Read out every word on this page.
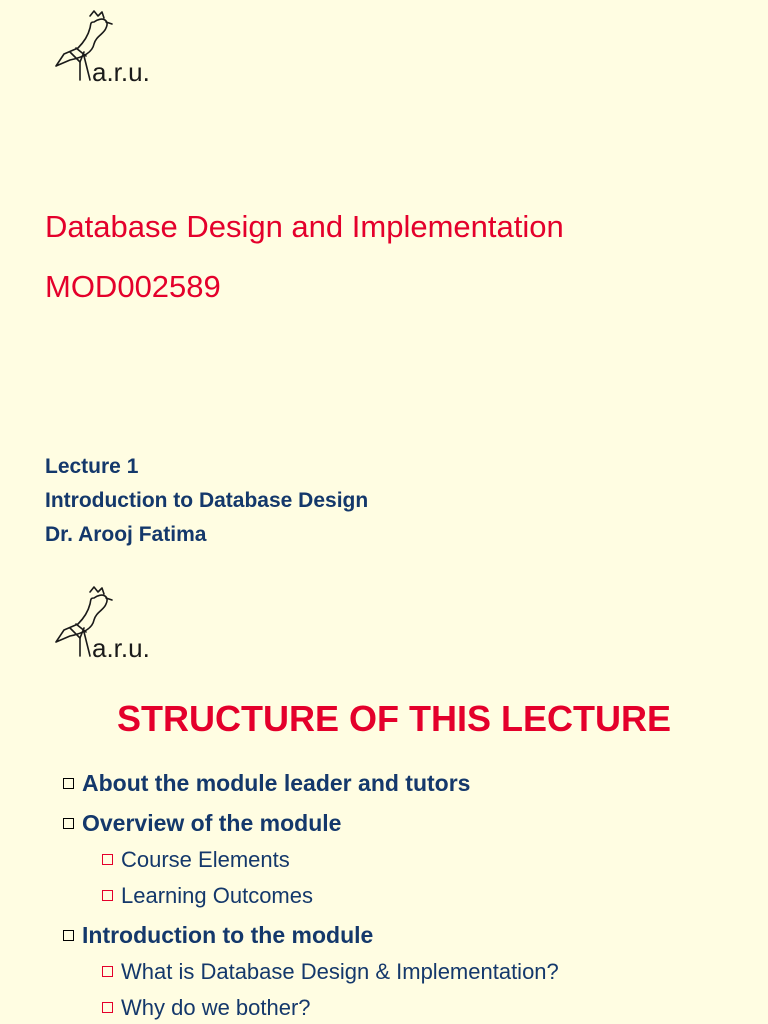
a.r.u.
Database Design and Implementation
MOD002589
Lecture 1
Introduction to Database Design
Dr. Arooj Fatima
a.r.u.
STRUCTURE OF THIS LECTURE
About the module leader and tutors
Overview of the module
Course Elements
Learning Outcomes
Introduction to the module
What is Database Design & Implementation?
Why do we bother?
